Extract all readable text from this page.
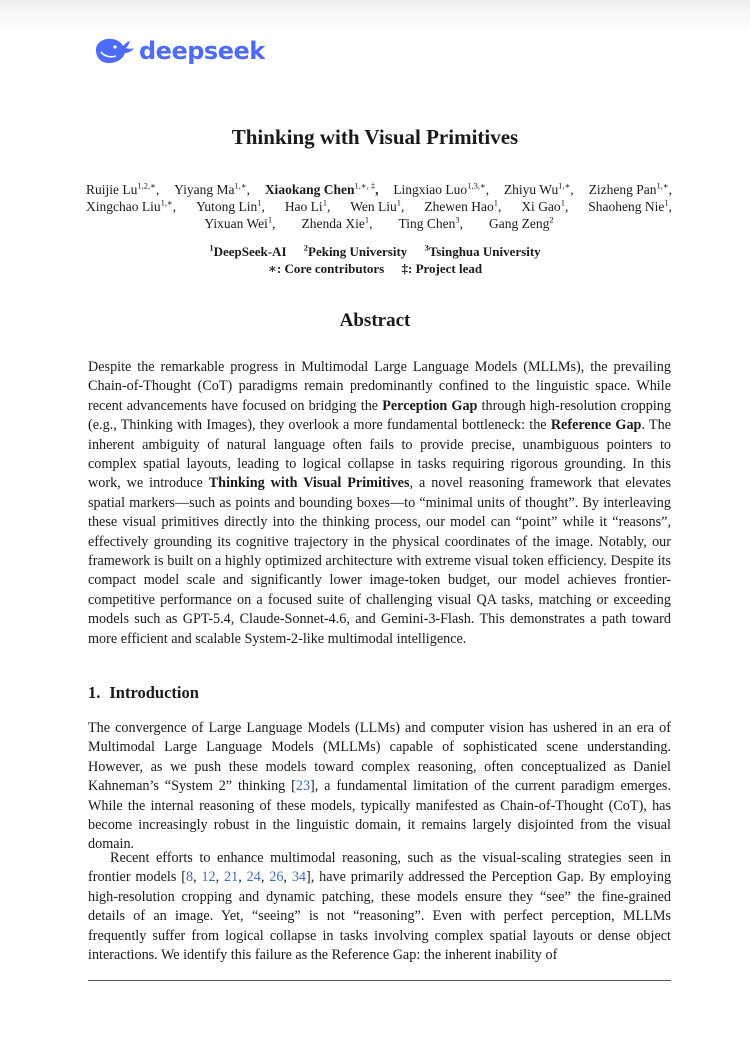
deepseek
Thinking with Visual Primitives
Ruijie $Lu^{1,2,∗}$, Yiyang $Ma^{1,∗}$, Xiaokang Chen$^{1,∗, \ddagger}$, Lingxiao Luo$^{1,3,∗}$, Zhiyu $Wu^{1,∗}$, Zizheng Pan$^{1,∗}$,
Xingchao Liu$^{1,∗}$, Yutong Lin$^1$, Hao Li$^1$, Wen Liu$^1$, Zhewen Hao$^1$, Xi Gao$^1$, Shaoheng Nie$^1$,
Yixuan Wei$^1$, Zhenda Xie$^1$, Ting Chen$^3$, Gang Zeng$^2$
$^1$DeepSeek-AI $^2$Peking University $^3$Tsinghua University
∗: Core contributors ‡: Project lead
Abstract

Despite the remarkable progress in Multimodal Large Language Models (MLLMs), the prevailing Chain-of-Thought (CoT) paradigms remain predominantly confined to the linguistic space. While recent advancements have focused on bridging the Perception Gap through high-resolution cropping (e.g., Thinking with Images), they overlook a more fundamental bottleneck: the Reference Gap. The inherent ambiguity of natural language often fails to provide precise, unambiguous pointers to complex spatial layouts, leading to logical collapse in tasks requiring rigorous grounding. In this work, we introduce Thinking with Visual Primitives, a novel reasoning framework that elevates spatial markers—such as points and bounding boxes—to “minimal units of thought”. By interleaving these visual primitives directly into the thinking process, our model can “point” while it “reasons”, effectively grounding its cognitive trajectory in the physical coordinates of the image. Notably, our framework is built on a highly optimized architecture with extreme visual token efficiency. Despite its compact model scale and significantly lower image-token budget, our model achieves frontier-competitive performance on a focused suite of challenging visual QA tasks, matching or exceeding models such as GPT-5.4, Claude-Sonnet-4.6, and Gemini-3-Flash. This demonstrates a path toward more efficient and scalable System-2-like multimodal intelligence.

1. Introduction

The convergence of Large Language Models (LLMs) and computer vision has ushered in an era of Multimodal Large Language Models (MLLMs) capable of sophisticated scene understanding. However, as we push these models toward complex reasoning, often conceptualized as Daniel Kahneman’s “System 2” thinking [23], a fundamental limitation of the current paradigm emerges. While the internal reasoning of these models, typically manifested as Chain-of-Thought (CoT), has become increasingly robust in the linguistic domain, it remains largely disjointed from the visual domain.

Recent efforts to enhance multimodal reasoning, such as the visual-scaling strategies seen in frontier models [8, 12, 21, 24, 26, 34], have primarily addressed the Perception Gap. By employing high-resolution cropping and dynamic patching, these models ensure they “see” the fine-grained details of an image. Yet, “seeing” is not “reasoning”. Even with perfect perception, MLLMs frequently suffer from logical collapse in tasks involving complex spatial layouts or dense object interactions. We identify this failure as the Reference Gap: the inherent inability of
